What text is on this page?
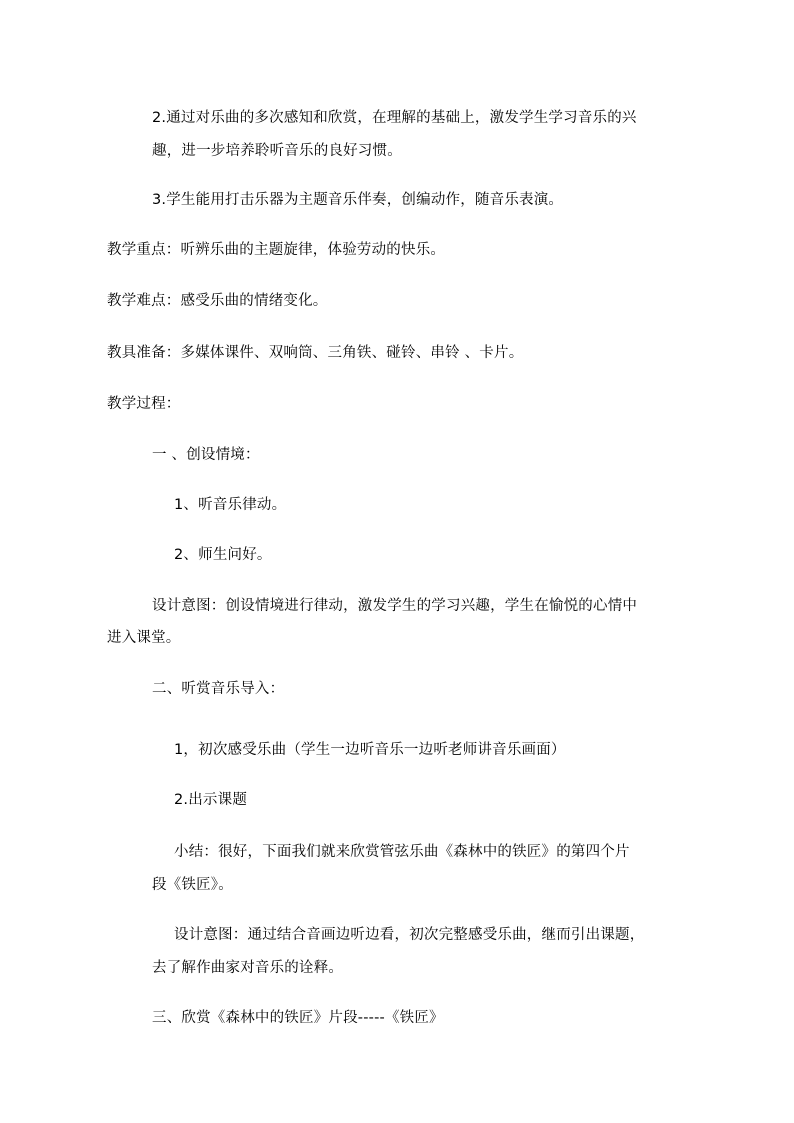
2.通过对乐曲的多次感知和欣赏，在理解的基础上，激发学生学习音乐的兴
趣，进一步培养聆听音乐的良好习惯。
3.学生能用打击乐器为主题音乐伴奏，创编动作，随音乐表演。
教学重点：听辨乐曲的主题旋律，体验劳动的快乐。
教学难点：感受乐曲的情绪变化。
教具准备：多媒体课件、双响筒、三角铁、碰铃、串铃 、卡片。
教学过程：
一 、创设情境：
1、听音乐律动。
2、师生问好。
设计意图：创设情境进行律动，激发学生的学习兴趣，学生在愉悦的心情中
进入课堂。
二、听赏音乐导入：
1，初次感受乐曲（学生一边听音乐一边听老师讲音乐画面）
2.出示课题
小结：很好，下面我们就来欣赏管弦乐曲《森林中的铁匠》的第四个片
段《铁匠》。
设计意图：通过结合音画边听边看，初次完整感受乐曲，继而引出课题，
去了解作曲家对音乐的诠释。
三、欣赏《森林中的铁匠》片段-----《铁匠》
